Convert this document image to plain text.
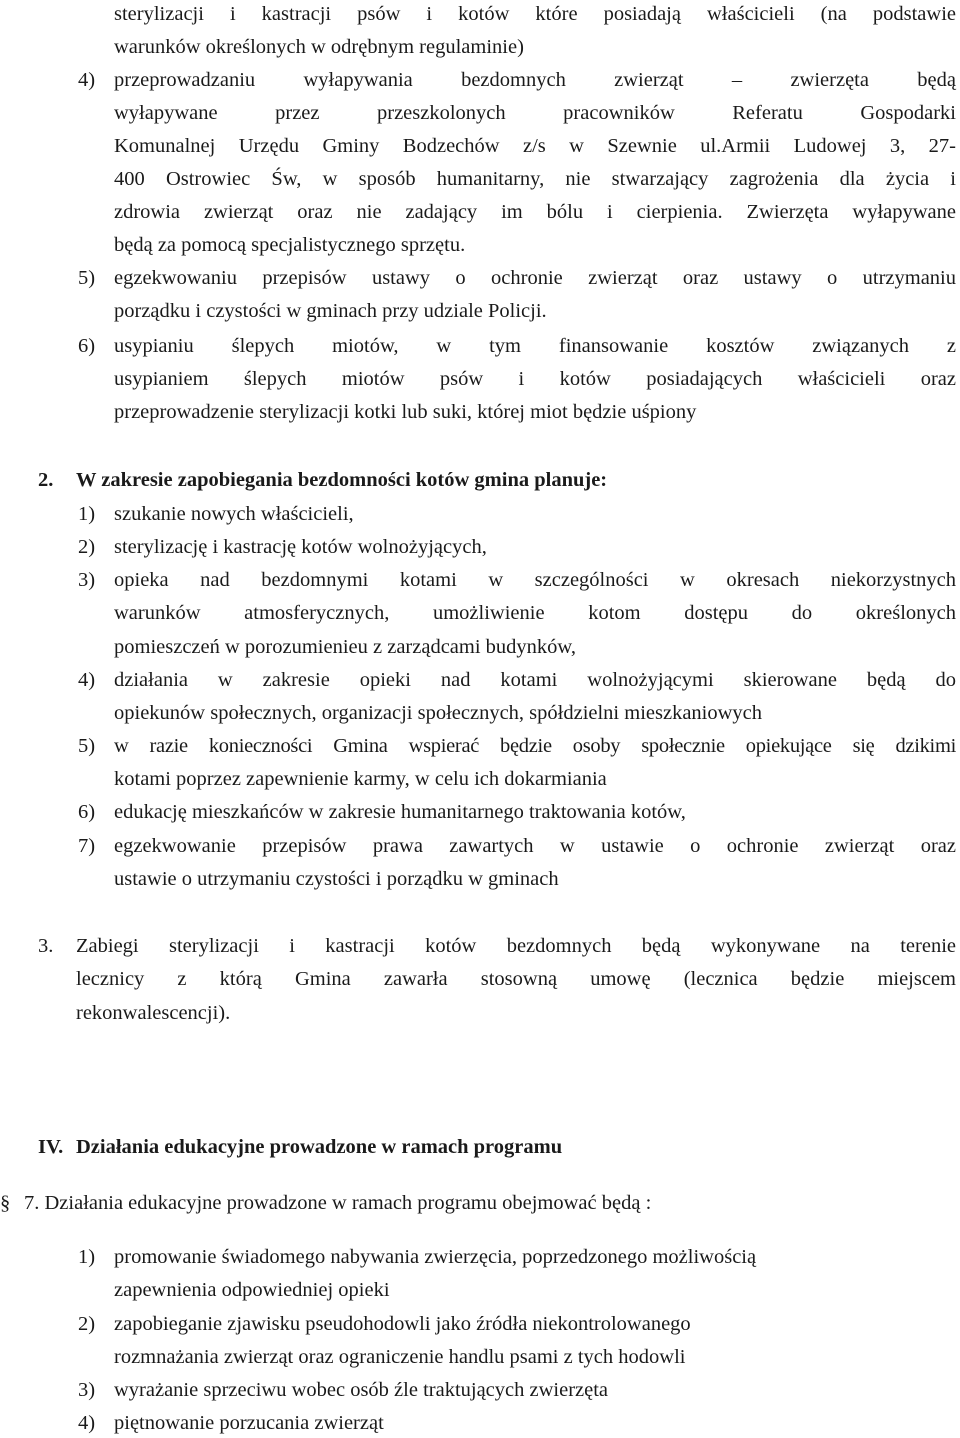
sterylizacji i kastracji psów i kotów które posiadają właścicieli (na podstawie
warunków określonych w odrębnym regulaminie)
4) przeprowadzaniu wyłapywania bezdomnych zwierząt – zwierzęta będą
wyłapywane przez przeszkolonych pracowników Referatu Gospodarki
Komunalnej Urzędu Gminy Bodzechów z/s w Szewnie ul.Armii Ludowej 3, 27-
400 Ostrowiec Św, w sposób humanitarny, nie stwarzający zagrożenia dla życia i
zdrowia zwierząt oraz nie zadający im bólu i cierpienia. Zwierzęta wyłapywane
będą za pomocą specjalistycznego sprzętu.
5) egzekwowaniu przepisów ustawy o ochronie zwierząt oraz ustawy o utrzymaniu
porządku i czystości w gminach przy udziale Policji.
6) usypianiu ślepych miotów, w tym finansowanie kosztów związanych z
usypianiem ślepych miotów psów i kotów posiadających właścicieli oraz
przeprowadzenie sterylizacji kotki lub suki, której miot będzie uśpiony
2. W zakresie zapobiegania bezdomności kotów gmina planuje:
1) szukanie nowych właścicieli,
2) sterylizację i kastrację kotów wolnożyjących,
3) opieka nad bezdomnymi kotami w szczególności w okresach niekorzystnych
warunków atmosferycznych, umożliwienie kotom dostępu do określonych
pomieszczeń w porozumienieu z zarządcami budynków,
4) działania w zakresie opieki nad kotami wolnożyjącymi skierowane będą do
opiekunów społecznych, organizacji społecznych, spółdzielni mieszkaniowych
5) w razie konieczności Gmina wspierać będzie osoby społecznie opiekujące się dzikimi
kotami poprzez zapewnienie karmy, w celu ich dokarmiania
6) edukację mieszkańców w zakresie humanitarnego traktowania kotów,
7) egzekwowanie przepisów prawa zawartych w ustawie o ochronie zwierząt oraz
ustawie o utrzymaniu czystości i porządku w gminach
3. Zabiegi sterylizacji i kastracji kotów bezdomnych będą wykonywane na terenie
lecznicy z którą Gmina zawarła stosowną umowę (lecznica będzie miejscem
rekonwalescencji).
IV. Działania edukacyjne prowadzone w ramach programu
§ 7. Działania edukacyjne prowadzone w ramach programu obejmować będą :
1) promowanie świadomego nabywania zwierzęcia, poprzedzonego możliwością
zapewnienia odpowiedniej opieki
2) zapobieganie zjawisku pseudohodowli jako źródła niekontrolowanego
rozmnażania zwierząt oraz ograniczenie handlu psami z tych hodowli
3) wyrażanie sprzeciwu wobec osób źle traktujących zwierzęta
4) piętnowanie porzucania zwierząt
